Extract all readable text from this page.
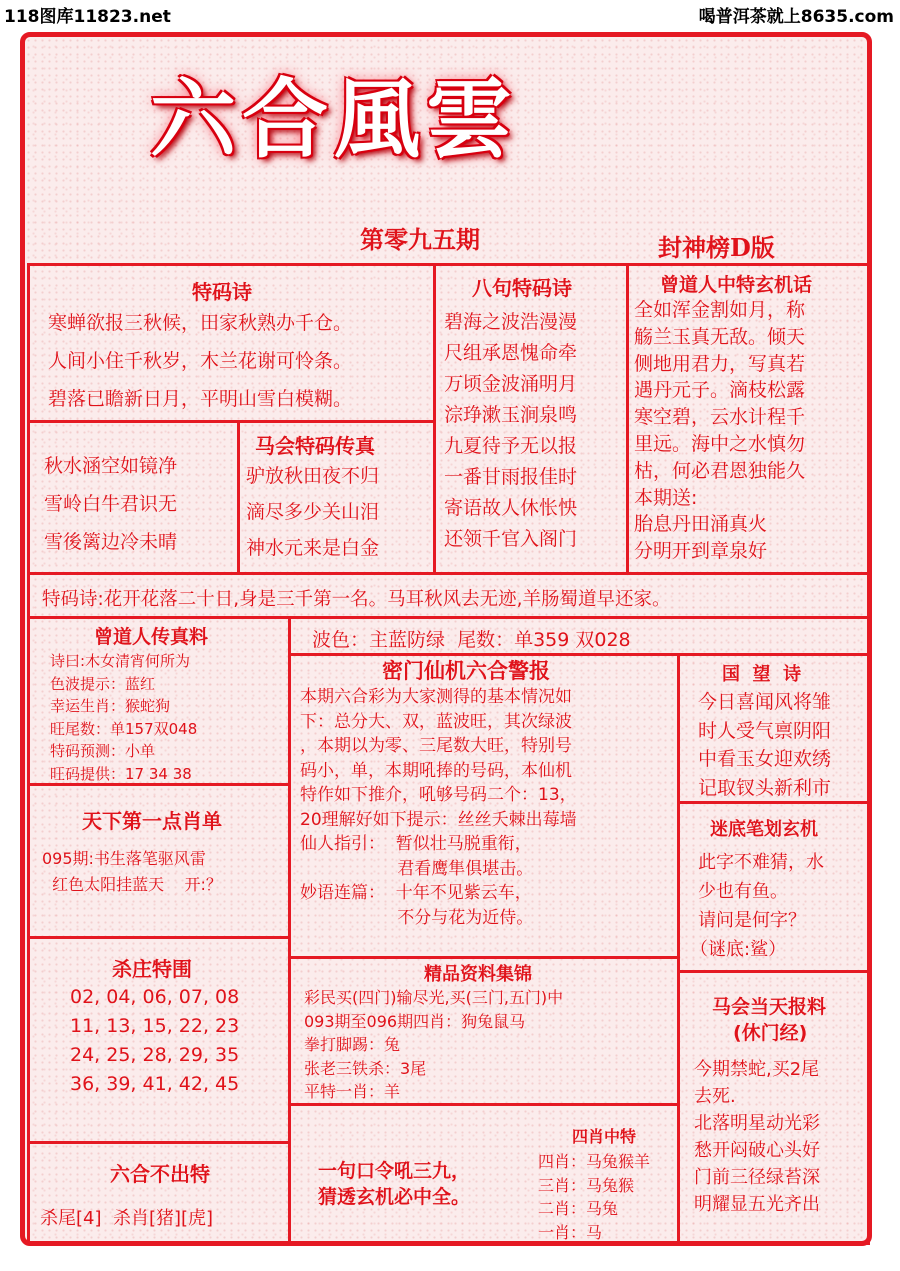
118图库11823.net	喝普洱茶就上8635.com
六合風雲
第零九五期	封神榜D版
特码诗
寒蝉欲报三秋候，田家秋熟办千仓。
人间小住千秋岁，木兰花谢可怜条。
碧落已瞻新日月，平明山雪白模糊。
秋水涵空如镜净
雪岭白牛君识无
雪後篱边冷未晴
马会特码传真
驴放秋田夜不归
滴尽多少关山泪
神水元来是白金
八句特码诗
碧海之波浩漫漫
尺组承恩愧命牵
万顷金波涌明月
淙琤漱玉涧泉鸣
九夏待予无以报
一番甘雨报佳时
寄语故人休怅怏
还领千官入阁门
曾道人中特玄机话
全如浑金割如月，称
觞兰玉真无敌。倾天
侧地用君力，写真若
遇丹元子。滴枝松露
寒空碧，云水计程千
里远。海中之水慎勿
枯，何必君恩独能久
本期送:
胎息丹田涌真火
分明开到章泉好
特码诗:花开花落二十日,身是三千第一名。马耳秋风去无迹,羊肠蜀道早还家。
曾道人传真料
诗曰:木女清宵何所为
色波提示：蓝红
幸运生肖：猴蛇狗
旺尾数：单157双048
特码预测：小单
旺码提供：17 34 38
天下第一点肖单
095期:书生落笔驱风雷
红色太阳挂蓝天    开:？
杀庄特围
02, 04, 06, 07, 08
11, 13, 15, 22, 23
24, 25, 28, 29, 35
36, 39, 41, 42, 45
六合不出特
杀尾[4]  杀肖[猪][虎]
波色：主蓝防绿  尾数：单359 双028
密门仙机六合警报
本期六合彩为大家测得的基本情况如
下：总分大、双，蓝波旺，其次绿波
，本期以为零、三尾数大旺，特别号
码小，单，本期吼捧的号码，本仙机
特作如下推介，吼够号码二个：13，
20理解好如下提示：丝丝夭棘出莓墙
仙人指引：  暂似壮马脱重衔，
君看鹰隼俱堪击。
妙语连篇：  十年不见紫云车，
不分与花为近侍。
精品资料集锦
彩民买(四门)输尽光,买(三门,五门)中
093期至096期四肖：狗兔鼠马
拳打脚踢：兔
张老三铁杀：3尾
平特一肖：羊
一句口令吼三九，
猜透玄机必中全。
四肖中特
四肖：马兔猴羊
三肖：马兔猴
二肖：马兔
一肖：马
国  望  诗
今日喜闻风将雏
时人受气禀阴阳
中看玉女迎欢绣
记取钗头新利市
迷底笔划玄机
此字不难猜，水
少也有鱼。
请问是何字？
（谜底:鲨）
马会当天报料
(休门经)
今期禁蛇,买2尾
去死.
北落明星动光彩
愁开闷破心头好
门前三径绿苔深
明耀显五光齐出
